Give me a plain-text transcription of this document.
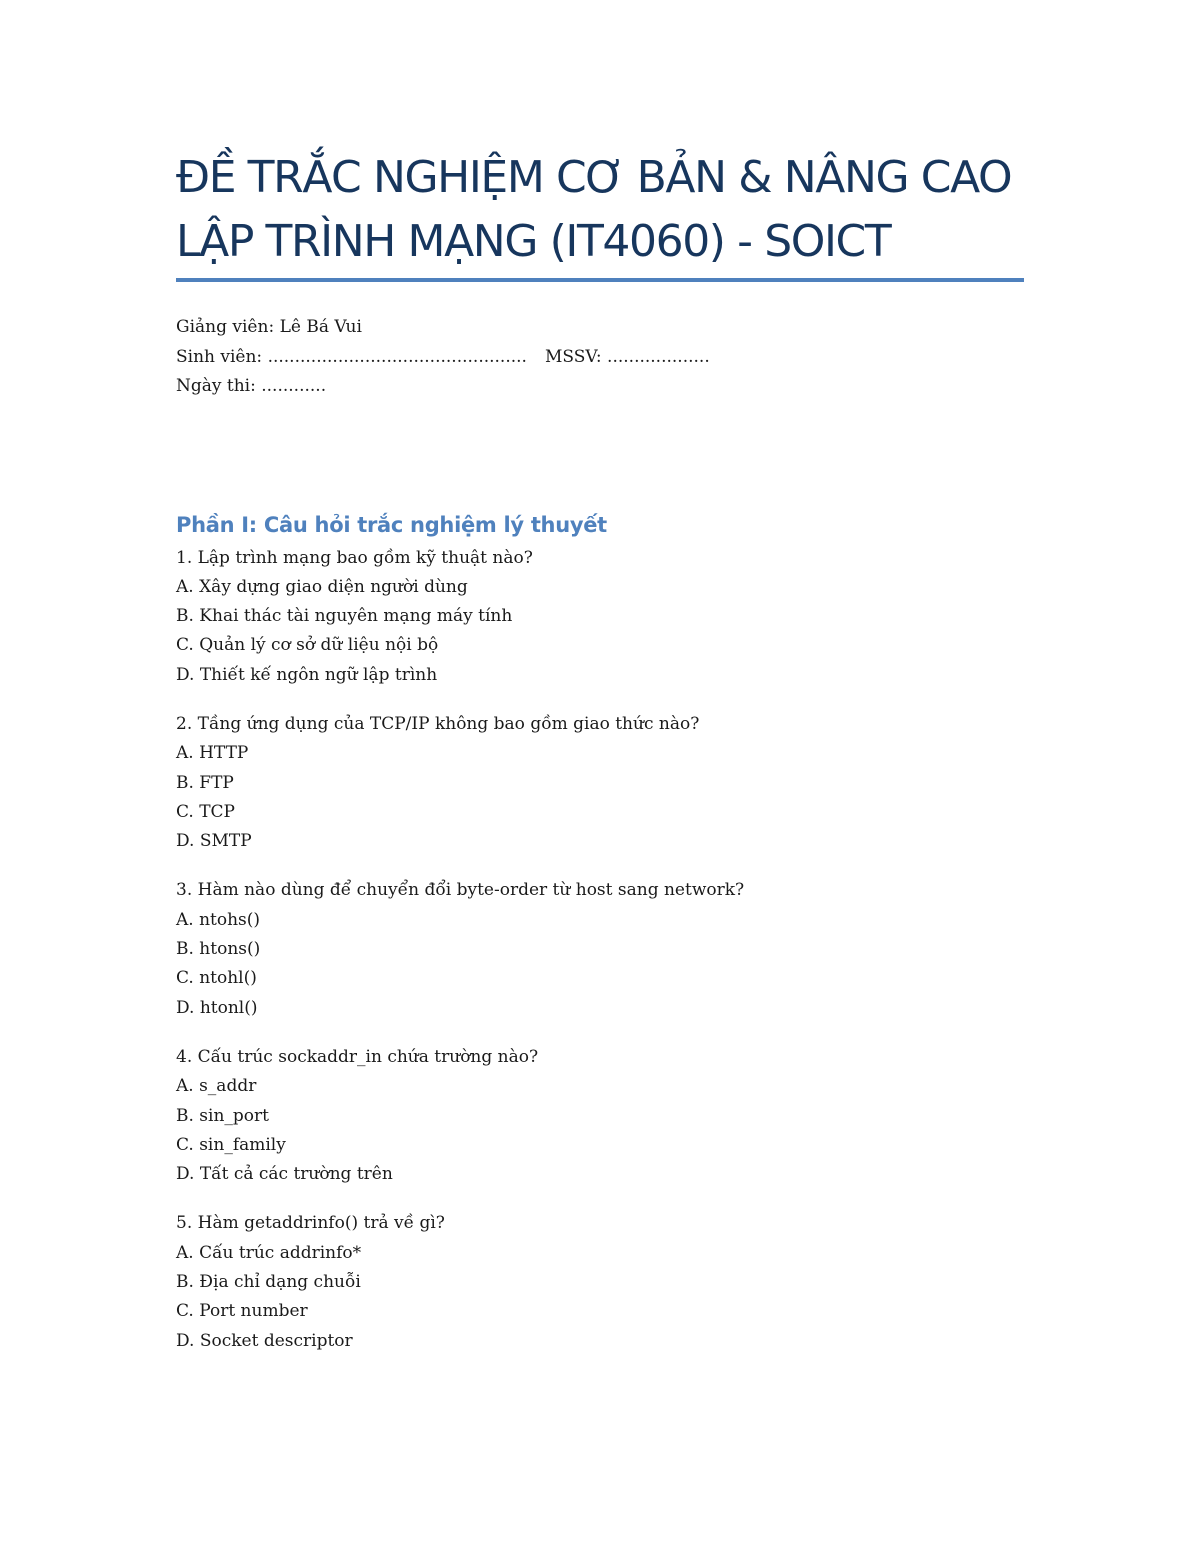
ĐỀ TRẮC NGHIỆM CƠ BẢN & NÂNG CAO
LẬP TRÌNH MẠNG (IT4060) - SOICT
Giảng viên: Lê Bá Vui
Sinh viên: ................................................ MSSV: ...................
Ngày thi: ............
Phần I: Câu hỏi trắc nghiệm lý thuyết
1. Lập trình mạng bao gồm kỹ thuật nào?
A. Xây dựng giao diện người dùng
B. Khai thác tài nguyên mạng máy tính
C. Quản lý cơ sở dữ liệu nội bộ
D. Thiết kế ngôn ngữ lập trình
2. Tầng ứng dụng của TCP/IP không bao gồm giao thức nào?
A. HTTP
B. FTP
C. TCP
D. SMTP
3. Hàm nào dùng để chuyển đổi byte-order từ host sang network?
A. ntohs()
B. htons()
C. ntohl()
D. htonl()
4. Cấu trúc sockaddr_in chứa trường nào?
A. s_addr
B. sin_port
C. sin_family
D. Tất cả các trường trên
5. Hàm getaddrinfo() trả về gì?
A. Cấu trúc addrinfo*
B. Địa chỉ dạng chuỗi
C. Port number
D. Socket descriptor
